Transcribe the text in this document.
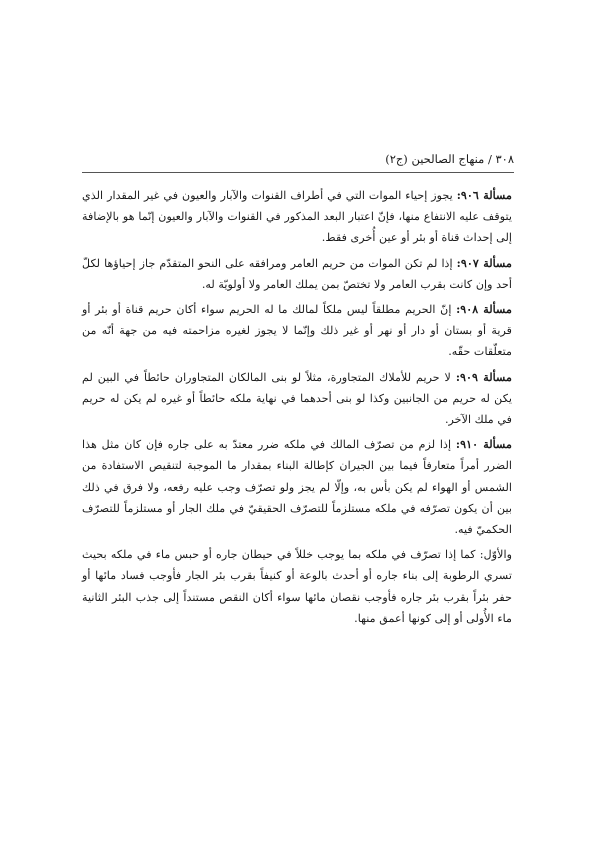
٣٠٨ / منهاج الصالحين (ج٢)

مسألة ٩٠٦: يجوز إحياء الموات التي في أطراف القنوات والآبار والعيون في غير المقدار الذي يتوقف عليه الانتفاع منها، فإنّ اعتبار البعد المذكور في القنوات والآبار والعيون إنّما هو بالإضافة إلى إحداث قناة أو بئر أو عين أُخرى فقط.

مسألة ٩٠٧: إذا لم تكن الموات من حريم العامر ومرافقه على النحو المتقدّم جاز إحياؤها لكلّ أحد وإن كانت بقرب العامر ولا تختصّ بمن يملك العامر ولا أولويّة له.

مسألة ٩٠٨: إنّ الحريم مطلقاً ليس ملكاً لمالك ما له الحريم سواء أكان حريم قناة أو بئر أو قرية أو بستان أو دار أو نهر أو غير ذلك وإنّما لا يجوز لغيره مزاحمته فيه من جهة أنّه من متعلّقات حقّه.

مسألة ٩٠٩: لا حريم للأملاك المتجاورة، مثلاً لو بنى المالكان المتجاوران حائطاً في البين لم يكن له حريم من الجانبين وكذا لو بنى أحدهما في نهاية ملكه حائطاً أو غيره لم يكن له حريم في ملك الآخر.

مسألة ٩١٠: إذا لزم من تصرّف المالك في ملكه ضرر معتدّ به على جاره فإن كان مثل هذا الضرر أمراً متعارفاً فيما بين الجيران كإطالة البناء بمقدار ما الموجبة لتنقيص الاستفادة من الشمس أو الهواء لم يكن بأس به، وإلّا لم يجز ولو تصرّف وجب عليه رفعه، ولا فرق في ذلك بين أن يكون تصرّفه في ملكه مستلزماً للتصرّف الحقيقيّ في ملك الجار أو مستلزماً للتصرّف الحكميّ فيه.

والأوّل: كما إذا تصرّف في ملكه بما يوجب خللاً في حيطان جاره أو حبس ماء في ملكه بحيث تسري الرطوبة إلى بناء جاره أو أحدث بالوعة أو كنيفاً بقرب بئر الجار فأوجب فساد مائها أو حفر بئراً بقرب بئر جاره فأوجب نقصان مائها سواء أكان النقص مستنداً إلى جذب البئر الثانية ماء الأُولى أو إلى كونها أعمق منها.
